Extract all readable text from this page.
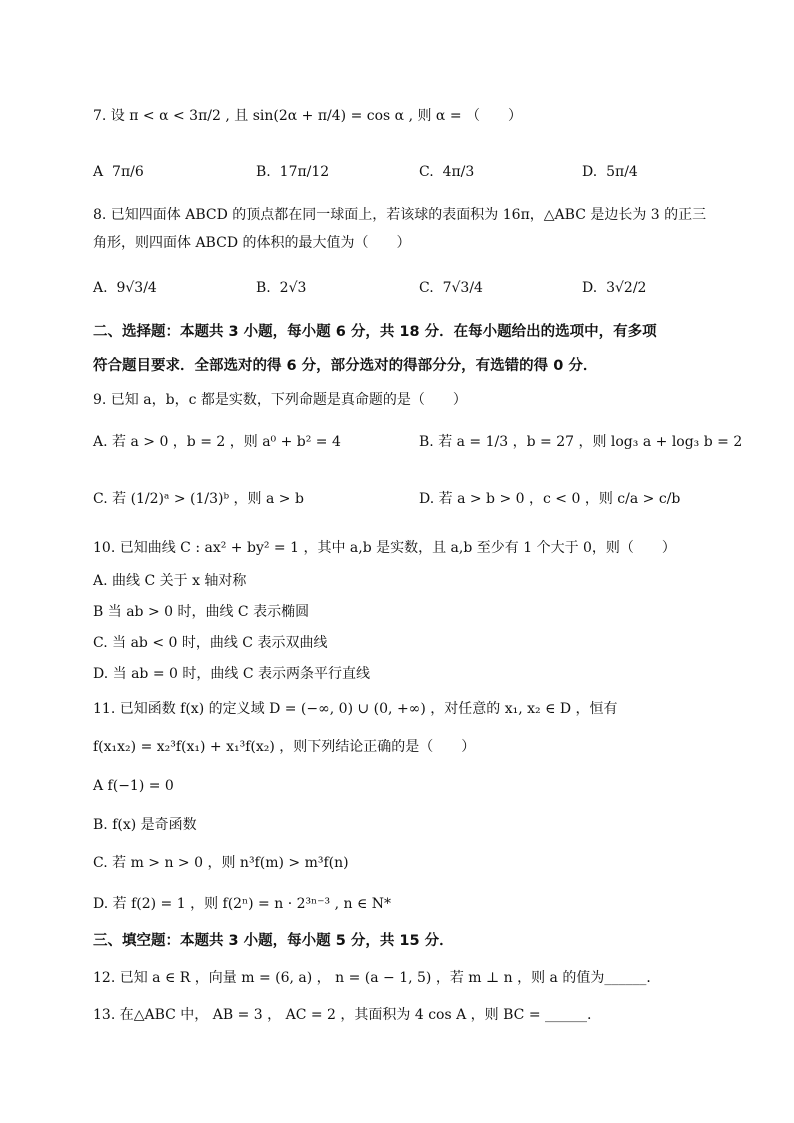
7. 设 π < α < 3π/2 , 且 sin(2α + π/4) = cos α , 则 α = （　　）
A 7π/6	B. 17π/12	C. 4π/3	D. 5π/4
8. 已知四面体 ABCD 的顶点都在同一球面上，若该球的表面积为 16π，△ABC 是边长为 3 的正三
角形，则四面体 ABCD 的体积的最大值为（　　）
A. 9√3/4	B. 2√3	C. 7√3/4	D. 3√2/2
二、选择题：本题共 3 小题，每小题 6 分，共 18 分．在每小题给出的选项中，有多项
符合题目要求．全部选对的得 6 分，部分选对的得部分分，有选错的得 0 分．
9. 已知 a，b，c 都是实数，下列命题是真命题的是（　　）
A. 若 a > 0 ，b = 2 ，则 a⁰ + b² = 4	B. 若 a = 1/3 ，b = 27 ，则 log₃ a + log₃ b = 2
C. 若 (1/2)ᵃ > (1/3)ᵇ ，则 a > b	D. 若 a > b > 0 ，c < 0 ，则 c/a > c/b
10. 已知曲线 C : ax² + by² = 1 ，其中 a,b 是实数，且 a,b 至少有 1 个大于 0，则（　　）
A. 曲线 C 关于 x 轴对称
B 当 ab > 0 时，曲线 C 表示椭圆
C. 当 ab < 0 时，曲线 C 表示双曲线
D. 当 ab = 0 时，曲线 C 表示两条平行直线
11. 已知函数 f(x) 的定义域 D = (−∞, 0) ∪ (0, +∞) ，对任意的 x₁, x₂ ∈ D ，恒有
f(x₁x₂) = x₂³f(x₁) + x₁³f(x₂) ，则下列结论正确的是（　　）
A f(−1) = 0
B. f(x) 是奇函数
C. 若 m > n > 0 ，则 n³f(m) > m³f(n)
D. 若 f(2) = 1 ，则 f(2ⁿ) = n · 2³ⁿ⁻³ , n ∈ N*
三、填空题：本题共 3 小题，每小题 5 分，共 15 分．
12. 已知 a ∈ R ，向量 m = (6, a) ， n = (a − 1, 5) ，若 m ⊥ n ，则 a 的值为______．
13. 在△ABC 中， AB = 3 ， AC = 2 ，其面积为 4 cos A ，则 BC = ______.
